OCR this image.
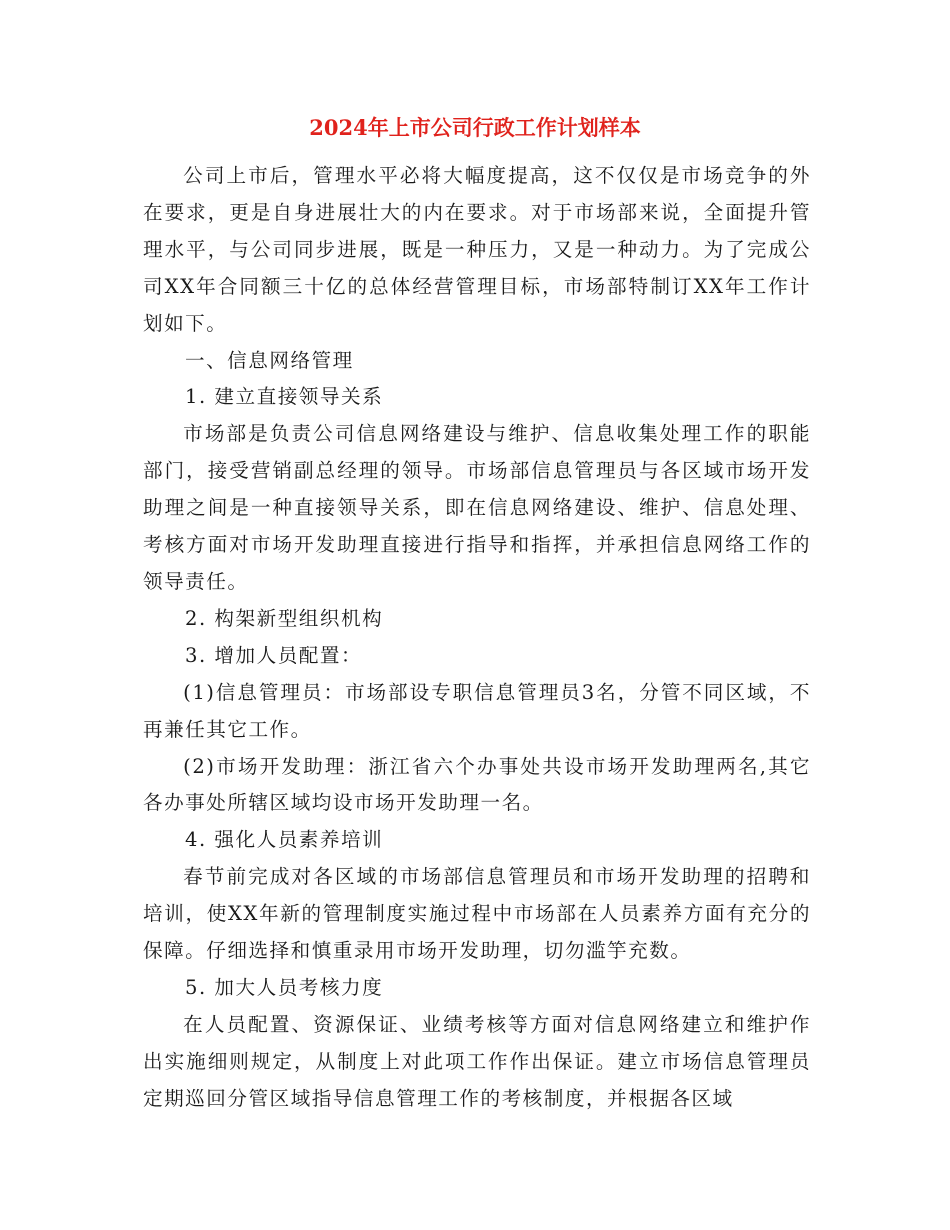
2024年上市公司行政工作计划样本

公司上市后，管理水平必将大幅度提高，这不仅仅是市场竞争的外在要求，更是自身进展壮大的内在要求。对于市场部来说，全面提升管理水平，与公司同步进展，既是一种压力，又是一种动力。为了完成公司XX年合同额三十亿的总体经营管理目标，市场部特制订XX年工作计划如下。

一、信息网络管理

1. 建立直接领导关系

市场部是负责公司信息网络建设与维护、信息收集处理工作的职能部门，接受营销副总经理的领导。市场部信息管理员与各区域市场开发助理之间是一种直接领导关系，即在信息网络建设、维护、信息处理、考核方面对市场开发助理直接进行指导和指挥，并承担信息网络工作的领导责任。

2. 构架新型组织机构

3. 增加人员配置：

(1)信息管理员：市场部设专职信息管理员3名，分管不同区域，不再兼任其它工作。

(2)市场开发助理：浙江省六个办事处共设市场开发助理两名,其它各办事处所辖区域均设市场开发助理一名。

4. 强化人员素养培训

春节前完成对各区域的市场部信息管理员和市场开发助理的招聘和培训，使XX年新的管理制度实施过程中市场部在人员素养方面有充分的保障。仔细选择和慎重录用市场开发助理，切勿滥竽充数。

5. 加大人员考核力度

在人员配置、资源保证、业绩考核等方面对信息网络建立和维护作出实施细则规定，从制度上对此项工作作出保证。建立市场信息管理员定期巡回分管区域指导信息管理工作的考核制度，并根据各区域
